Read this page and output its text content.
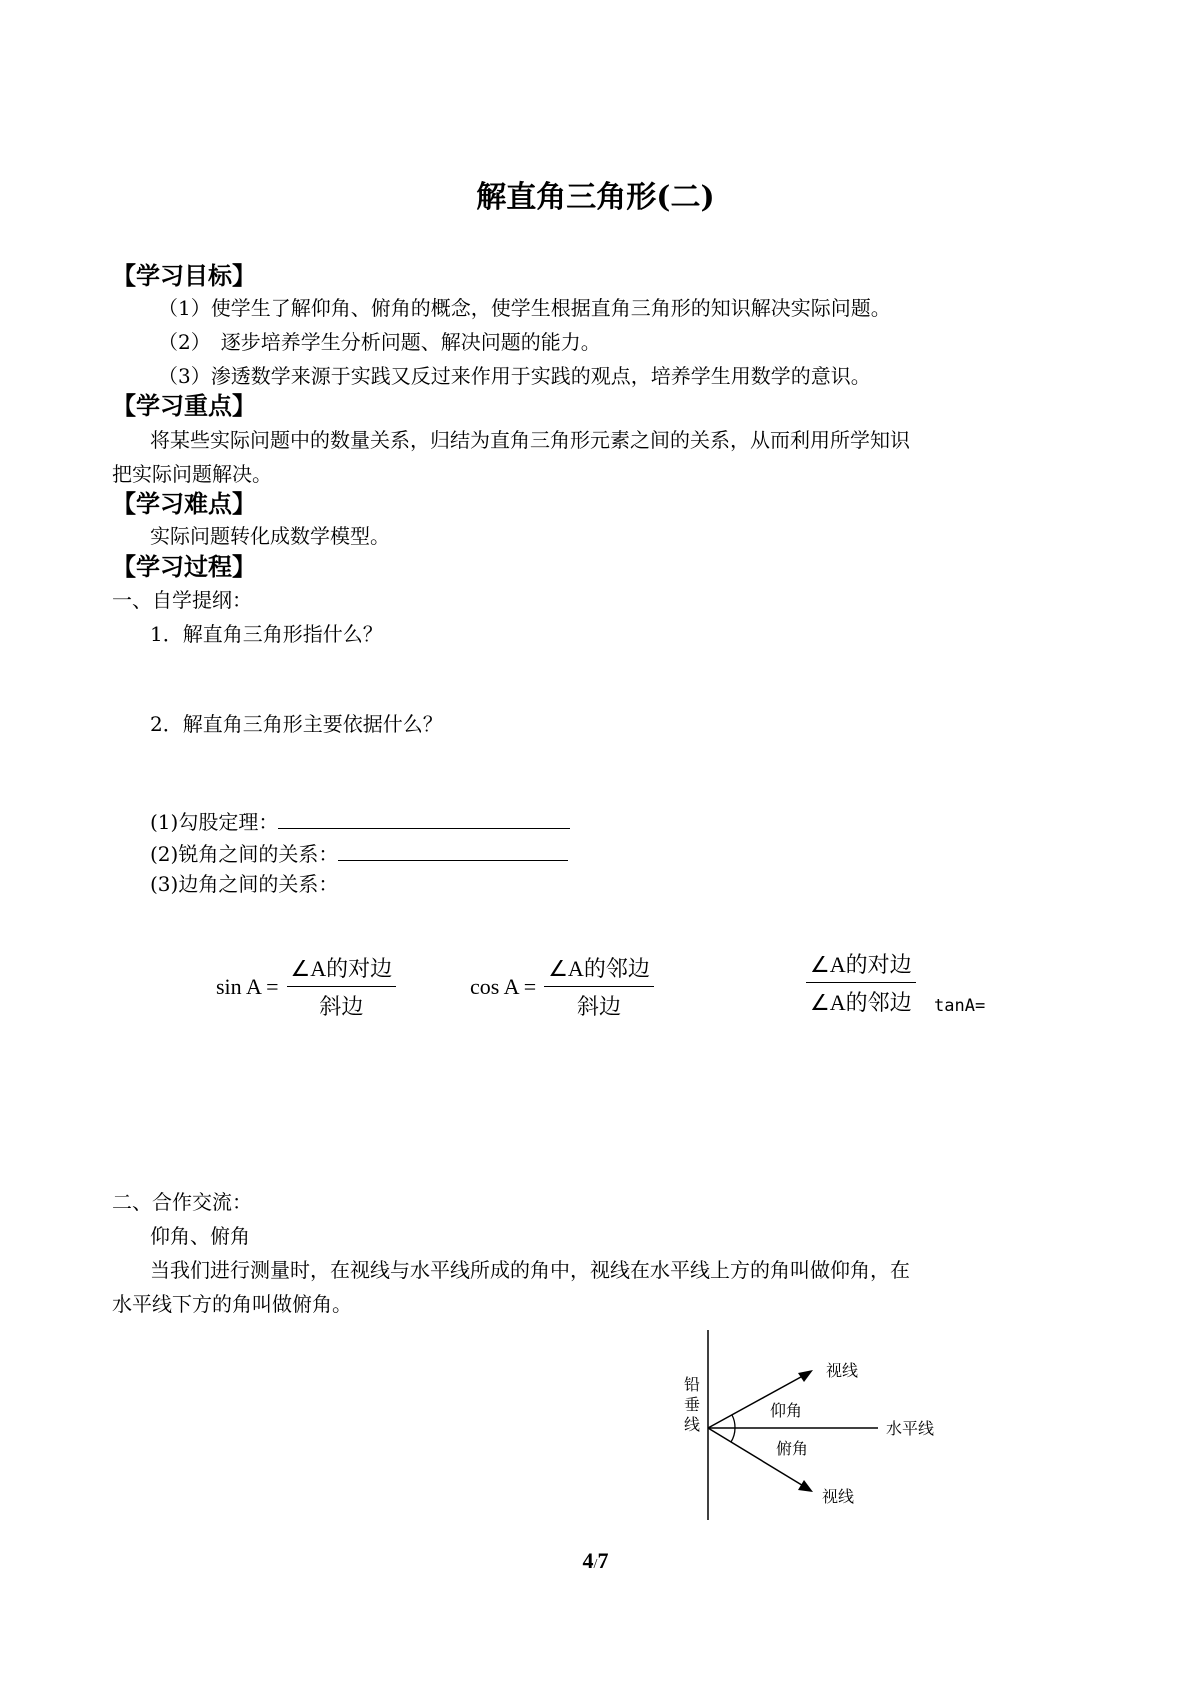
解直角三角形(二)
【学习目标】
（1）使学生了解仰角、俯角的概念，使学生根据直角三角形的知识解决实际问题。
（2）　逐步培养学生分析问题、解决问题的能力。
（3）渗透数学来源于实践又反过来作用于实践的观点，培养学生用数学的意识。
【学习重点】
将某些实际问题中的数量关系，归结为直角三角形元素之间的关系，从而利用所学知识
把实际问题解决。
【学习难点】
实际问题转化成数学模型。
【学习过程】
一、自学提纲：
1．解直角三角形指什么？
2．解直角三角形主要依据什么？
(1)勾股定理：
(2)锐角之间的关系：
(3)边角之间的关系：
$\sin A = \frac{\text{∠A的对边}}{\text{斜边}}$	$\cos A = \frac{\text{∠A的邻边}}{\text{斜边}}$	$\frac{\text{∠A的对边}}{\text{∠A的邻边}} \tan A=$
二、合作交流：
仰角、俯角
当我们进行测量时，在视线与水平线所成的角中，视线在水平线上方的角叫做仰角，在
水平线下方的角叫做俯角。
铅
垂
线
视线
仰角
水平线
俯角
视线
4/7
